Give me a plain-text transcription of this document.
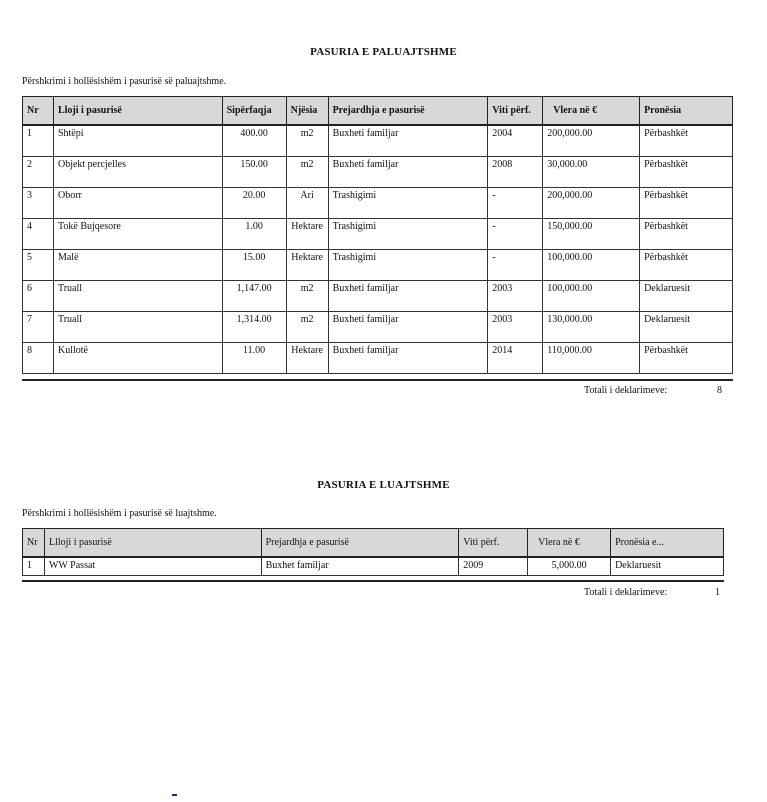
PASURIA E PALUAJTSHME
Përshkrimi i hollësishëm i pasurisë së paluajtshme.
Nr	Lloji i pasurisë	Sipërfaqja	Njësia	Prejardhja e pasurisë	Viti përf.	Vlera në €	Pronësia
1	Shtëpi	400.00	m2	Buxheti familjar	2004	200,000.00	Përbashkët
2	Objekt percjelles	150.00	m2	Buxheti familjar	2008	30,000.00	Përbashkët
3	Oborr	20.00	Ari	Trashigimi	-	200,000.00	Përbashkët
4	Tokë Bujqesore	1.00	Hektare	Trashigimi	-	150,000.00	Përbashkët
5	Malë	15.00	Hektare	Trashigimi	-	100,000.00	Përbashkët
6	Truall	1,147.00	m2	Buxheti familjar	2003	100,000.00	Deklaruesit
7	Truall	1,314.00	m2	Buxheti familjar	2003	130,000.00	Deklaruesit
8	Kullotë	11.00	Hektare	Buxheti familjar	2014	110,000.00	Përbashkët
Totali i deklarimeve:	8
PASURIA E LUAJTSHME
Përshkrimi i hollësishëm i pasurisë së luajtshme.
Nr	Llloji i pasurisë	Prejardhja e pasurisë	Viti përf.	Vlera në €	Pronësia e...
1	WW Passat	Buxhet familjar	2009	5,000.00	Deklaruesit
Totali i deklarimeve:	1
